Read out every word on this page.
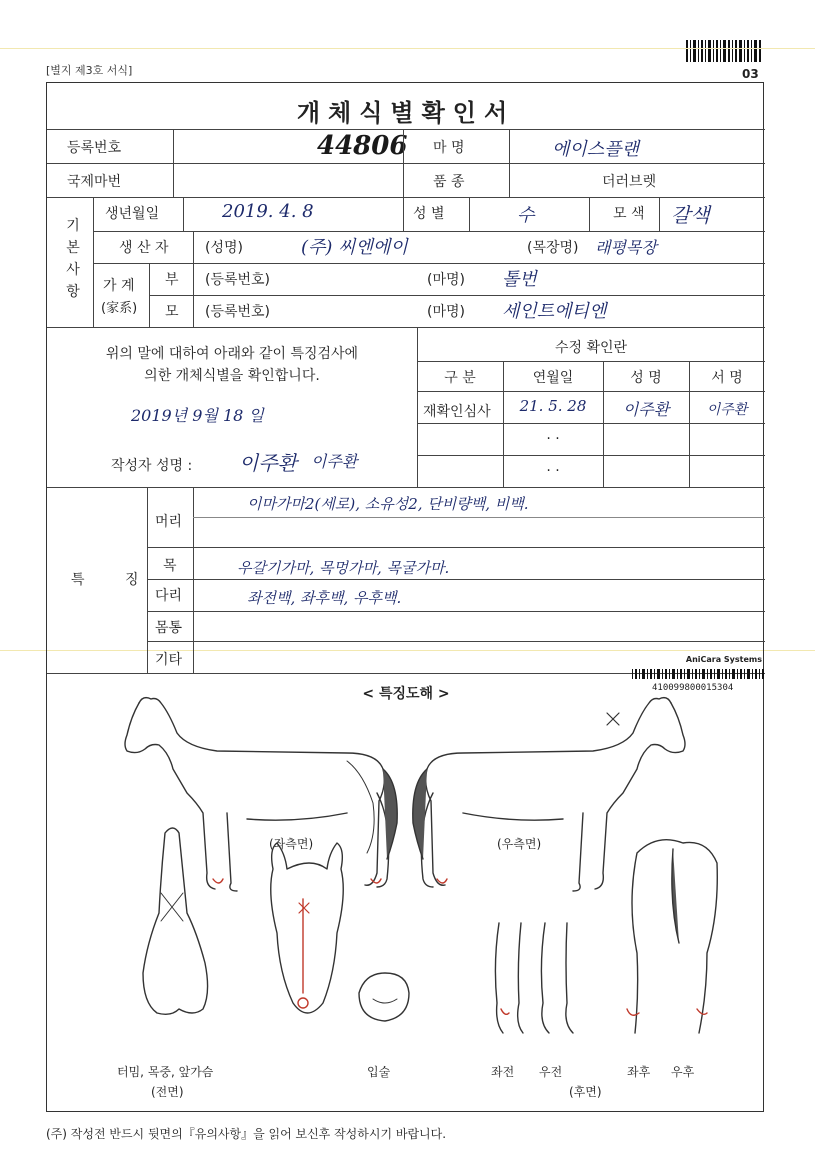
[별지 제3호 서식]	03
개체식별확인서
등록번호	44806 마 명	에이스플랜
국제마번	품 종	더러브렛
기
본
사
항
생년월일	2019. 4. 8	성 별	수	모 색 갈색
생 산 자	(성명)	(주) 씨엔에이	(목장명) 래평목장
가 계
(家系)
부 (등록번호)	(마명) 톨번
모 (등록번호)	(마명) 세인트에티엔
위의 말에 대하여 아래와 같이 특징검사에
의한 개체식별을 확인합니다.
2019년 9월 18 일
작성자 성명 : 이주환 이주환
수정 확인란
구 분	연월일	성 명	서 명
재확인심사	21. 5. 28	이주환	이주환
. .
. .
특 징
머리
이마가마2(세로), 소유성2, 단비량백, 비백.
목	우갈기가마, 목멍가마, 목굴가마.
다리	좌전백, 좌후백, 우후백.
몸통
기타
< 특징도해 >
(좌측면)	(우측면)
터밈, 목중, 앞가슴
(전면)
입술	좌전 우전	좌후 우후
(후면)
AniCara Systems
410099800015304
(주) 작성전 반드시 뒷면의『유의사항』을 읽어 보신후 작성하시기 바랍니다.
